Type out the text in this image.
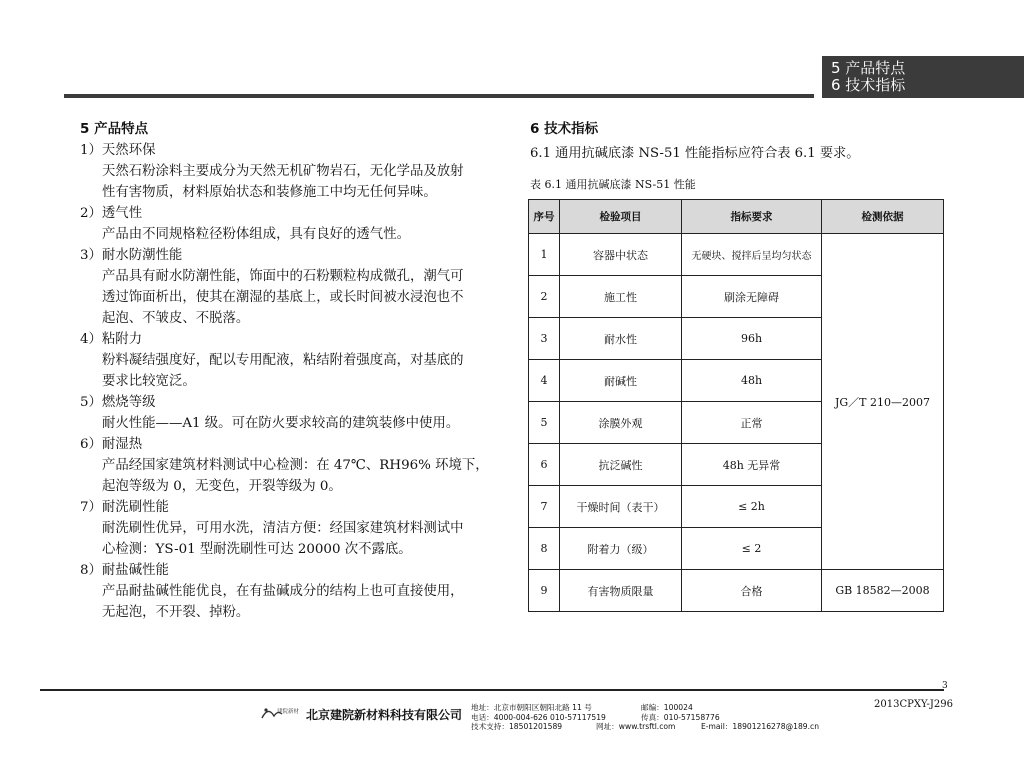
5 产品特点
6 技术指标
5 产品特点
1）天然环保

天然石粉涂料主要成分为天然无机矿物岩石，无化学品及放射

性有害物质，材料原始状态和装修施工中均无任何异味。

2）透气性

产品由不同规格粒径粉体组成，具有良好的透气性。

3）耐水防潮性能

产品具有耐水防潮性能，饰面中的石粉颗粒构成微孔，潮气可

透过饰面析出，使其在潮湿的基底上，或长时间被水浸泡也不

起泡、不皱皮、不脱落。

4）粘附力

粉料凝结强度好，配以专用配液，粘结附着强度高，对基底的

要求比较宽泛。

5）燃烧等级

耐火性能——A1 级。可在防火要求较高的建筑装修中使用。

6）耐湿热

产品经国家建筑材料测试中心检测：在 47℃、RH96% 环境下，

起泡等级为 0，无变色，开裂等级为 0。

7）耐洗刷性能

耐洗刷性优异，可用水洗，清洁方便：经国家建筑材料测试中

心检测：YS-01 型耐洗刷性可达 20000 次不露底。

8）耐盐碱性能

产品耐盐碱性能优良，在有盐碱成分的结构上也可直接使用，

无起泡，不开裂、掉粉。

6 技术指标
6.1 通用抗碱底漆 NS-51 性能指标应符合表 6.1 要求。
表 6.1 通用抗碱底漆 NS-51 性能
序号	检验项目	指标要求	检测依据
1	容器中状态	无硬块、搅拌后呈均匀状态	JG／T 210—2007
2	施工性	刷涂无障碍	
3	耐水性	96h	
4	耐碱性	48h	
5	涂膜外观	正常	
6	抗泛碱性	48h 无异常	
7	干燥时间（表干）	≤ 2h	
8	附着力（级）	≤ 2	
9	有害物质限量	合格	GB 18582—2008
3
2013CPXY-J296
建院新材 北京建院新材料科技有限公司
地址：北京市朝阳区朝阳北路 11 号	邮编：100024
电话：4000-004-626 010-57117519	传真：010-57158776
技术支持：18501201589	网址：www.trsftl.com	E-mail：18901216278@189.cn
